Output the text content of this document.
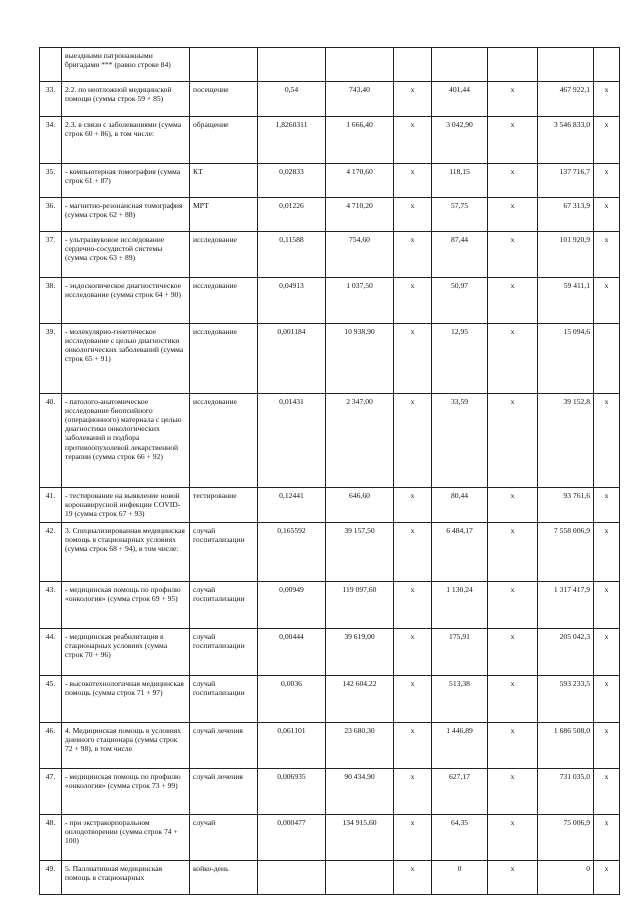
	выездными патронажными бригадами *** (равно строке 84)								
33.	2.2. по неотложной медицинской помощи (сумма строк 59 + 85)	посещение	0,54	743,40	х	401,44	х	467 922,1	х
34.	2.3. в связи с заболеваниями (сумма строк 60 + 86), в том числе:	обращение	1,8260311	1 666,40	х	3 042,90	х	3 546 833,0	х
35.	- компьютерная томография (сумма строк 61 + 87)	КТ	0,02833	4 170,60	х	118,15	х	137 716,7	х
36.	- магнитно-резонансная томография (сумма строк 62 + 88)	МРТ	0,01226	4 710,20	х	57,75	х	67 313,9	х
37.	- ультразвуковое исследование сердечно-сосудистой системы (сумма строк 63 + 89)	исследование	0,11588	754,60	х	87,44	х	101 920,9	х
38.	- эндоскопическое диагностическое исследование (сумма строк 64 + 90)	исследование	0,04913	1 037,50	х	50,97	х	59 411,1	х
39.	- молекулярно-генетическое исследование с целью диагностики онкологических заболеваний (сумма строк 65 + 91)	исследование	0,001184	10 938,90	х	12,95	х	15 094,6	
40.	- патолого-анатомическое исследование биопсийного (операционного) материала с целью диагностики онкологических заболеваний и подбора противоопухолевой лекарственной терапии (сумма строк 66 + 92)	исследование	0,01431	2 347,00	х	33,59	х	39 152,8	х
41.	- тестирование на выявление новой коронавирусной инфекции COVID-19 (сумма строк 67 + 93)	тестирование	0,12441	646,60	х	80,44	х	93 761,6	х
42.	3. Специализированная медицинская помощь в стационарных условиях (сумма строк 68 + 94), в том числе:	случай госпитализации	0,165592	39 157,50	х	6 484,17	х	7 558 006,9	х
43.	- медицинская помощь по профилю «онкология» (сумма строк 69 + 95)	случай госпитализации	0,00949	119 097,60	х	1 130,24	х	1 317 417,9	х
44.	- медицинская реабилитация в стационарных условиях (сумма строк 70 + 96)	случай госпитализации	0,00444	39 619,00	х	175,91	х	205 042,3	х
45.	- высокотехнологичная медицинская помощь (сумма строк 71 + 97)	случай госпитализации	0,0036	142 604,22	х	513,38	х	593 233,5	х
46.	4. Медицинская помощь в условиях дневного стационара (сумма строк 72 + 98), в том числе	случай лечения	0,061101	23 680,30	х	1 446,89	х	1 686 508,0	х
47.	- медицинская помощь по профилю «онкология» (сумма строк 73 + 99)	случай лечения	0,006935	90 434,90	х	627,17	х	731 035,0	х
48.	- при экстракорпоральном оплодотворении (сумма строк 74 + 100)	случай	0,000477	134 915,60	х	64,35	х	75 006,9	х
49.	5. Паллиативная медицинская помощь в стационарных	койко-день			х	0	х	0	х
